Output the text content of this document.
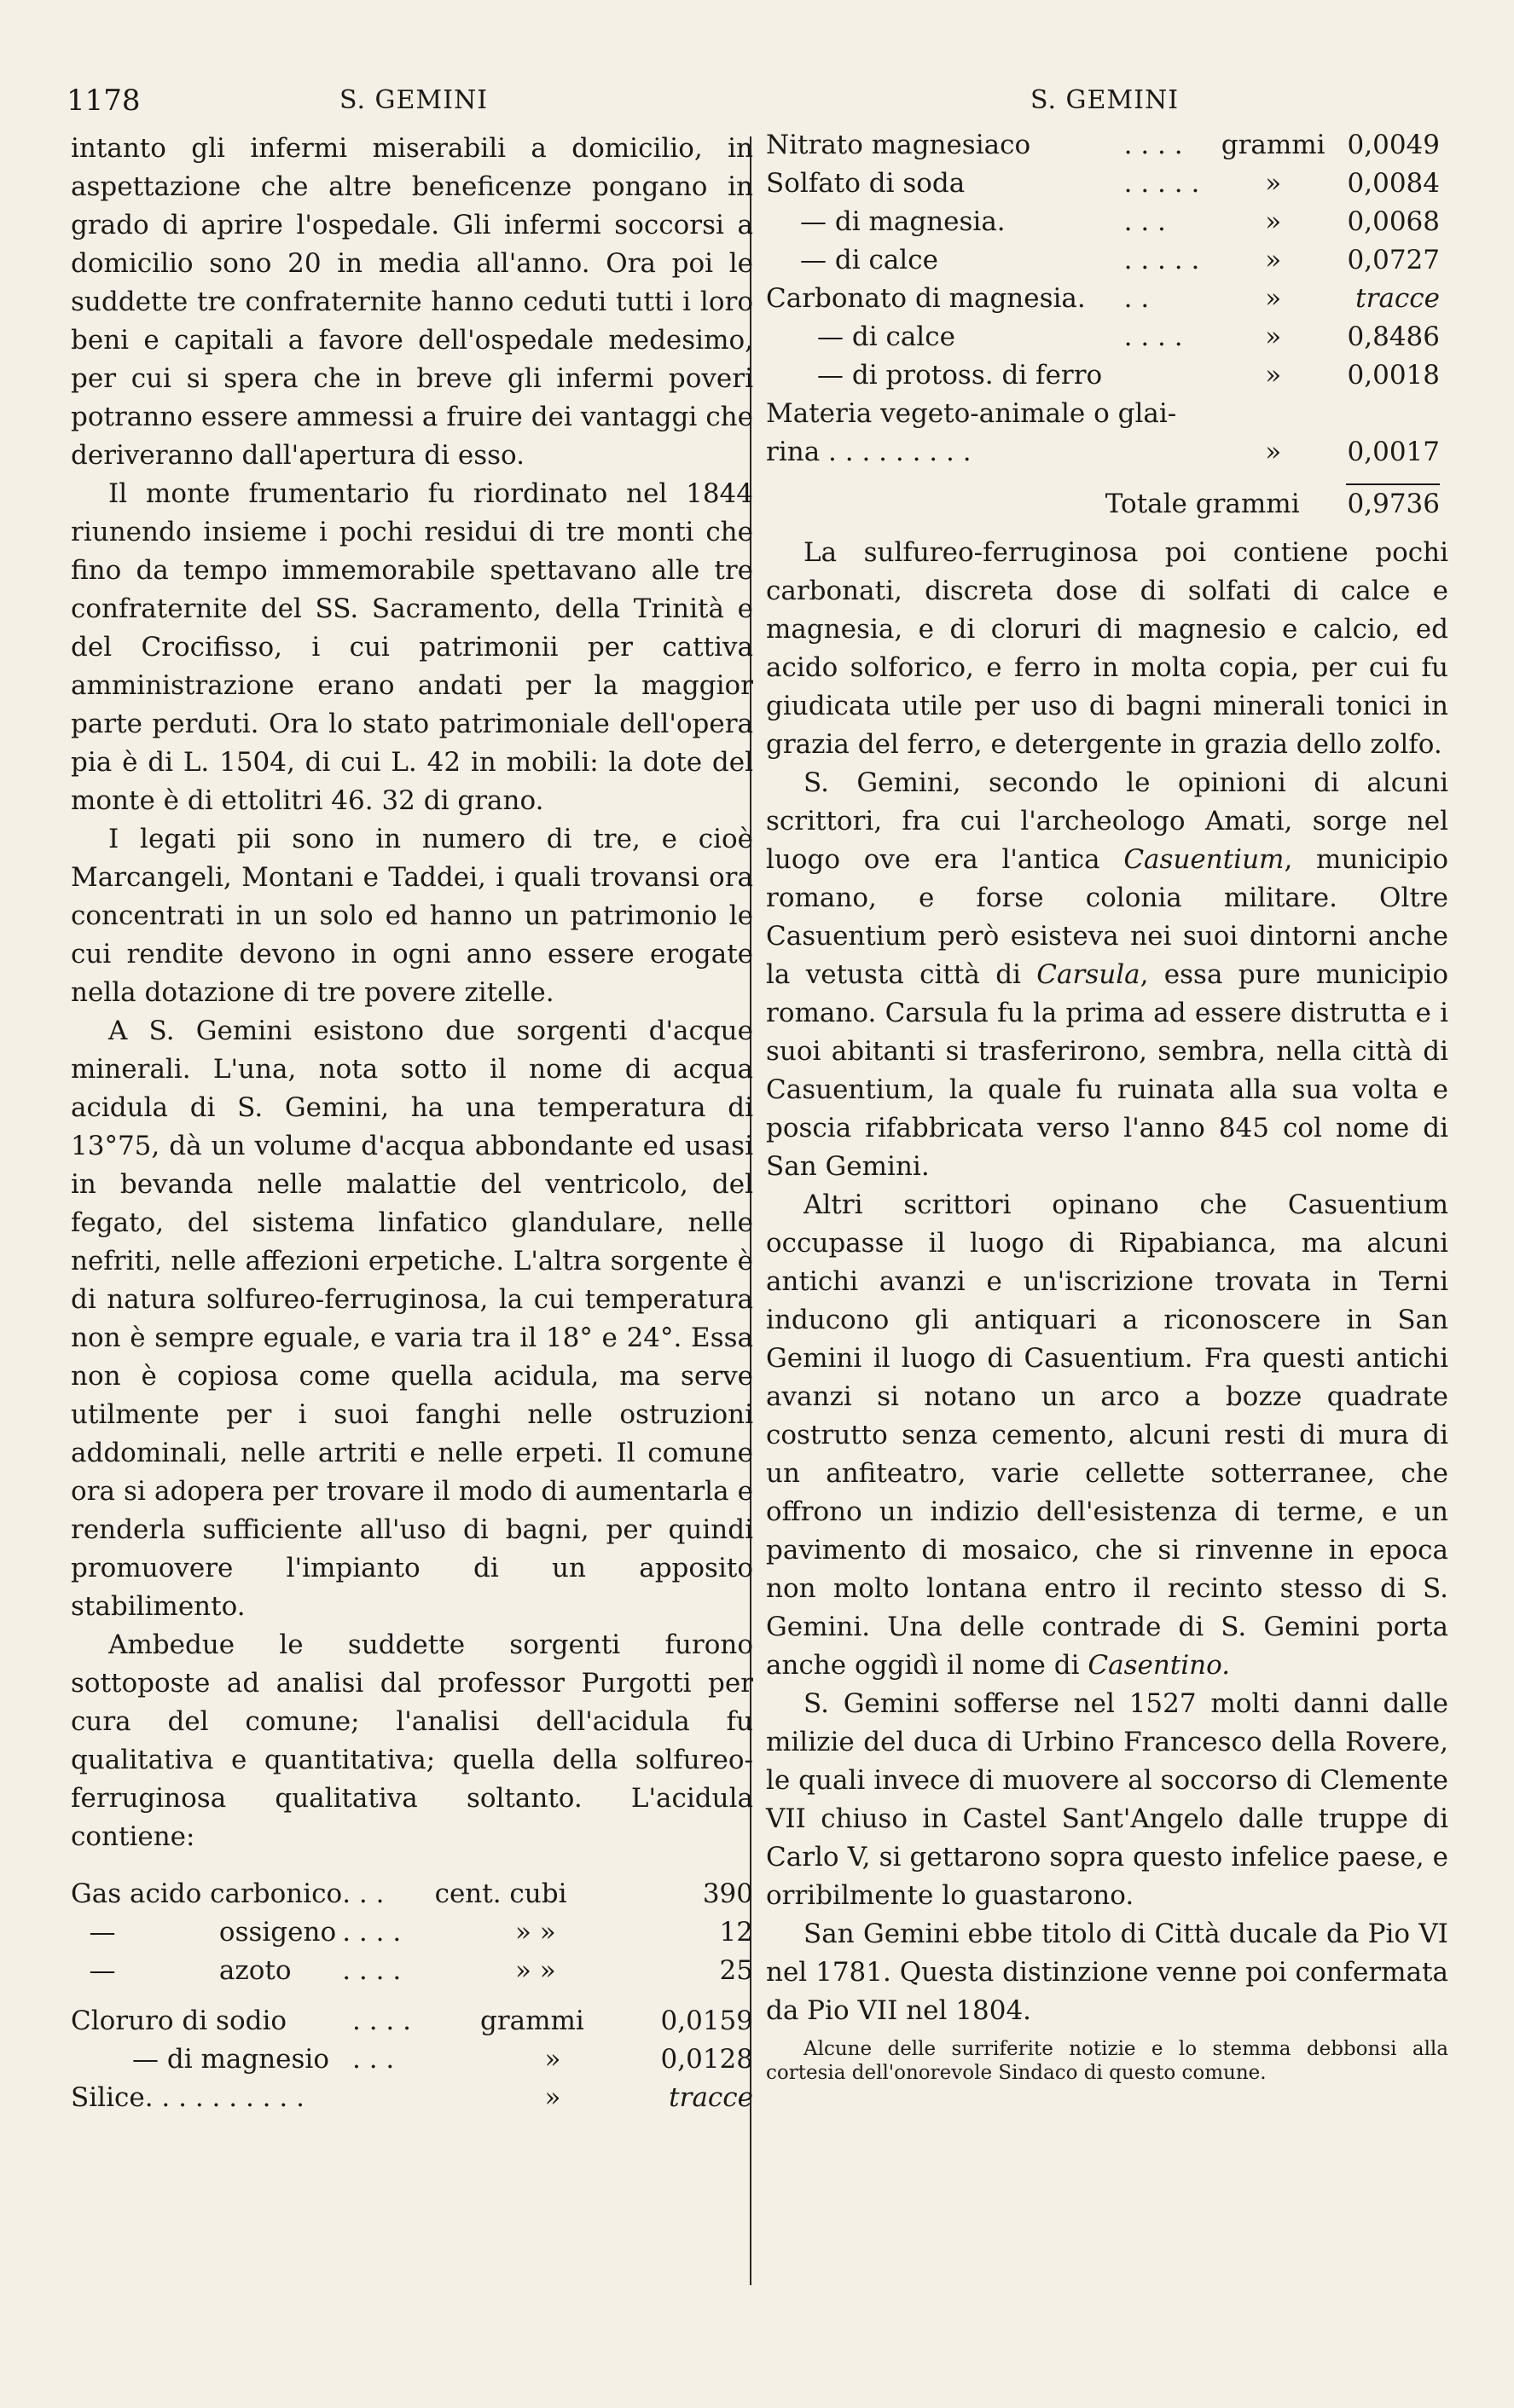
1178	S. GEMINI	S. GEMINI

intanto gli infermi miserabili a domicilio, in aspettazione che altre beneficenze pongano in grado di aprire l'ospedale. Gli infermi soccorsi a domicilio sono 20 in media all'anno. Ora poi le suddette tre confraternite hanno ceduti tutti i loro beni e capitali a favore dell'ospedale medesimo, per cui si spera che in breve gli infermi poveri potranno essere ammessi a fruire dei vantaggi che deriveranno dall'apertura di esso.

Il monte frumentario fu riordinato nel 1844 riunendo insieme i pochi residui di tre monti che fino da tempo immemorabile spettavano alle tre confraternite del SS. Sacramento, della Trinità e del Crocifisso, i cui patrimonii per cattiva amministrazione erano andati per la maggior parte perduti. Ora lo stato patrimoniale dell'opera pia è di L. 1504, di cui L. 42 in mobili: la dote del monte è di ettolitri 46. 32 di grano.

I legati pii sono in numero di tre, e cioè Marcangeli, Montani e Taddei, i quali trovansi ora concentrati in un solo ed hanno un patrimonio le cui rendite devono in ogni anno essere erogate nella dotazione di tre povere zitelle.

A S. Gemini esistono due sorgenti d'acque minerali. L'una, nota sotto il nome di acqua acidula di S. Gemini, ha una temperatura di 13°75, dà un volume d'acqua abbondante ed usasi in bevanda nelle malattie del ventricolo, del fegato, del sistema linfatico glandulare, nelle nefriti, nelle affezioni erpetiche. L'altra sorgente è di natura solfureo-ferruginosa, la cui temperatura non è sempre eguale, e varia tra il 18° e 24°. Essa non è copiosa come quella acidula, ma serve utilmente per i suoi fanghi nelle ostruzioni addominali, nelle artriti e nelle erpeti. Il comune ora si adopera per trovare il modo di aumentarla e renderla sufficiente all'uso di bagni, per quindi promuovere l'impianto di un apposito stabilimento.

Ambedue le suddette sorgenti furono sottoposte ad analisi dal professor Purgotti per cura del comune; l'analisi dell'acidula fu qualitativa e quantitativa; quella della solfureo-ferruginosa qualitativa soltanto. L'acidula contiene:

Gas acido carbonico		. . .	cent. cubi	390
—	ossigeno	. . . .	» »	12
—	azoto	. . . .	» »	25
Cloruro di sodio	. . . .	grammi	0,0159
— di magnesio	. . .	»	0,0128
Silice. . . . . . . . . .		»	tracce
Nitrato magnesiaco	. . . .	grammi	0,0049
Solfato di soda	. . . . .	»	0,0084
— di magnesia.	. . .	»	0,0068
— di calce	. . . . .	»	0,0727
Carbonato di magnesia.	. .	»	tracce
— di calce	. . . .	»	0,8486
— di protoss. di ferro		»	0,0018
Materia vegeto-animale o glai-			
rina . . . . . . . . .		»	0,0017

Totale grammi			0,9736

La sulfureo-ferruginosa poi contiene pochi carbonati, discreta dose di solfati di calce e magnesia, e di cloruri di magnesio e calcio, ed acido solforico, e ferro in molta copia, per cui fu giudicata utile per uso di bagni minerali tonici in grazia del ferro, e detergente in grazia dello zolfo.

S. Gemini, secondo le opinioni di alcuni scrittori, fra cui l'archeologo Amati, sorge nel luogo ove era l'antica Casuentium, municipio romano, e forse colonia militare. Oltre Casuentium però esisteva nei suoi dintorni anche la vetusta città di Carsula, essa pure municipio romano. Carsula fu la prima ad essere distrutta e i suoi abitanti si trasferirono, sembra, nella città di Casuentium, la quale fu ruinata alla sua volta e poscia rifabbricata verso l'anno 845 col nome di San Gemini.

Altri scrittori opinano che Casuentium occupasse il luogo di Ripabianca, ma alcuni antichi avanzi e un'iscrizione trovata in Terni inducono gli antiquari a riconoscere in San Gemini il luogo di Casuentium. Fra questi antichi avanzi si notano un arco a bozze quadrate costrutto senza cemento, alcuni resti di mura di un anfiteatro, varie cellette sotterranee, che offrono un indizio dell'esistenza di terme, e un pavimento di mosaico, che si rinvenne in epoca non molto lontana entro il recinto stesso di S. Gemini. Una delle contrade di S. Gemini porta anche oggidì il nome di Casentino.

S. Gemini sofferse nel 1527 molti danni dalle milizie del duca di Urbino Francesco della Rovere, le quali invece di muovere al soccorso di Clemente VII chiuso in Castel Sant'Angelo dalle truppe di Carlo V, si gettarono sopra questo infelice paese, e orribilmente lo guastarono.

San Gemini ebbe titolo di Città ducale da Pio VI nel 1781. Questa distinzione venne poi confermata da Pio VII nel 1804.

Alcune delle surriferite notizie e lo stemma debbonsi alla cortesia dell'onorevole Sindaco di questo comune.
